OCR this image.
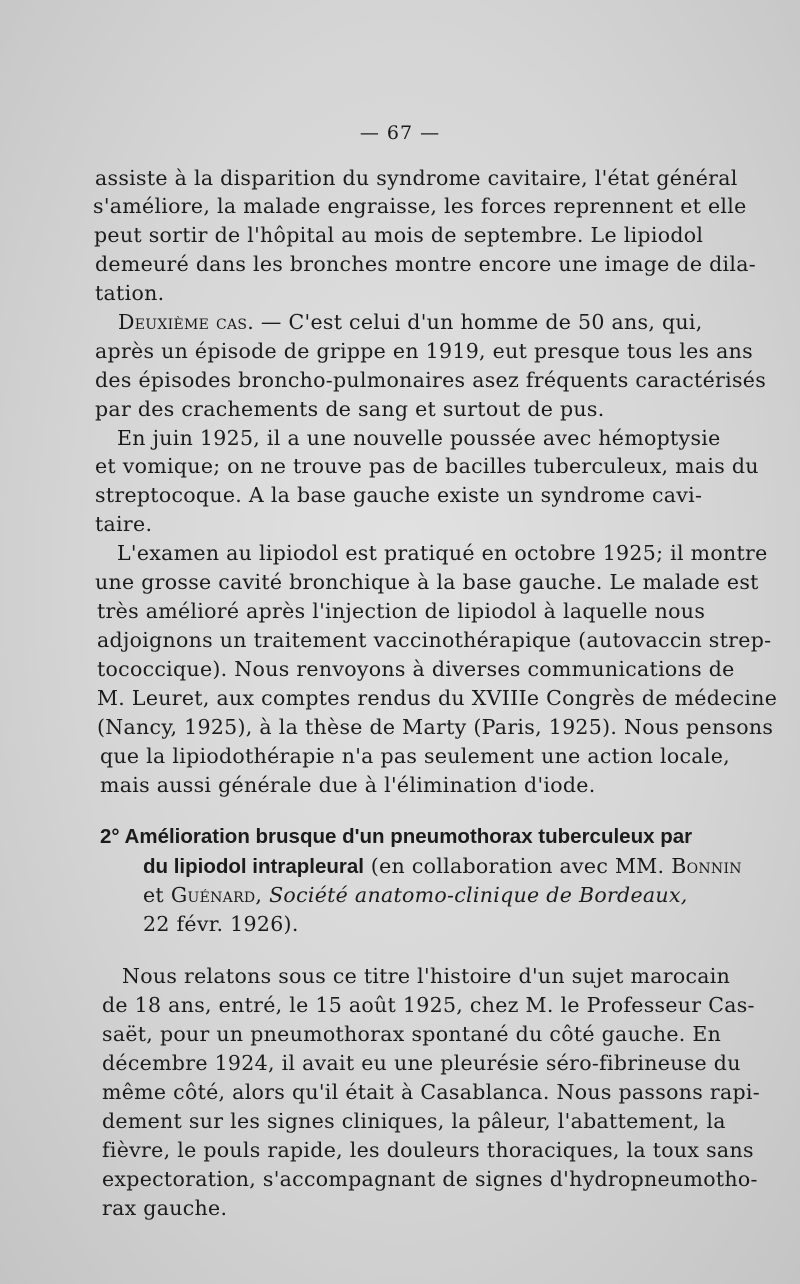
— 67 —
assiste à la disparition du syndrome cavitaire, l'état général
s'améliore, la malade engraisse, les forces reprennent et elle
peut sortir de l'hôpital au mois de septembre. Le lipiodol
demeuré dans les bronches montre encore une image de dila-
tation.
Deuxième cas. — C'est celui d'un homme de 50 ans, qui,
après un épisode de grippe en 1919, eut presque tous les ans
des épisodes broncho-pulmonaires asez fréquents caractérisés
par des crachements de sang et surtout de pus.
En juin 1925, il a une nouvelle poussée avec hémoptysie
et vomique; on ne trouve pas de bacilles tuberculeux, mais du
streptocoque. A la base gauche existe un syndrome cavi-
taire.
L'examen au lipiodol est pratiqué en octobre 1925; il montre
une grosse cavité bronchique à la base gauche. Le malade est
très amélioré après l'injection de lipiodol à laquelle nous
adjoignons un traitement vaccinothérapique (autovaccin strep-
tococcique). Nous renvoyons à diverses communications de
M. Leuret, aux comptes rendus du XVIIIe Congrès de médecine
(Nancy, 1925), à la thèse de Marty (Paris, 1925). Nous pensons
que la lipiodothérapie n'a pas seulement une action locale,
mais aussi générale due à l'élimination d'iode.
2° Amélioration brusque d'un pneumothorax tuberculeux par
du lipiodol intrapleural (en collaboration avec MM. Bonnin
et Guénard, Société anatomo-clinique de Bordeaux,
22 févr. 1926).
Nous relatons sous ce titre l'histoire d'un sujet marocain
de 18 ans, entré, le 15 août 1925, chez M. le Professeur Cas-
saët, pour un pneumothorax spontané du côté gauche. En
décembre 1924, il avait eu une pleurésie séro-fibrineuse du
même côté, alors qu'il était à Casablanca. Nous passons rapi-
dement sur les signes cliniques, la pâleur, l'abattement, la
fièvre, le pouls rapide, les douleurs thoraciques, la toux sans
expectoration, s'accompagnant de signes d'hydropneumotho-
rax gauche.
